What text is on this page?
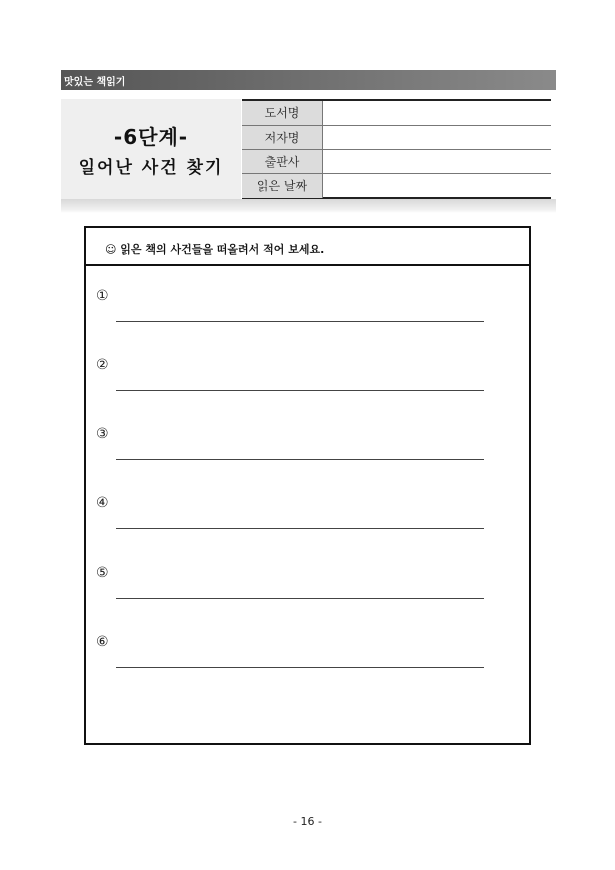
맛있는 책읽기
-6단계-
일어난 사건 찾기
도서명
저자명
출판사
읽은 날짜
☺ 읽은 책의 사건들을 떠올려서 적어 보세요.
①
②
③
④
⑤
⑥
- 16 -
